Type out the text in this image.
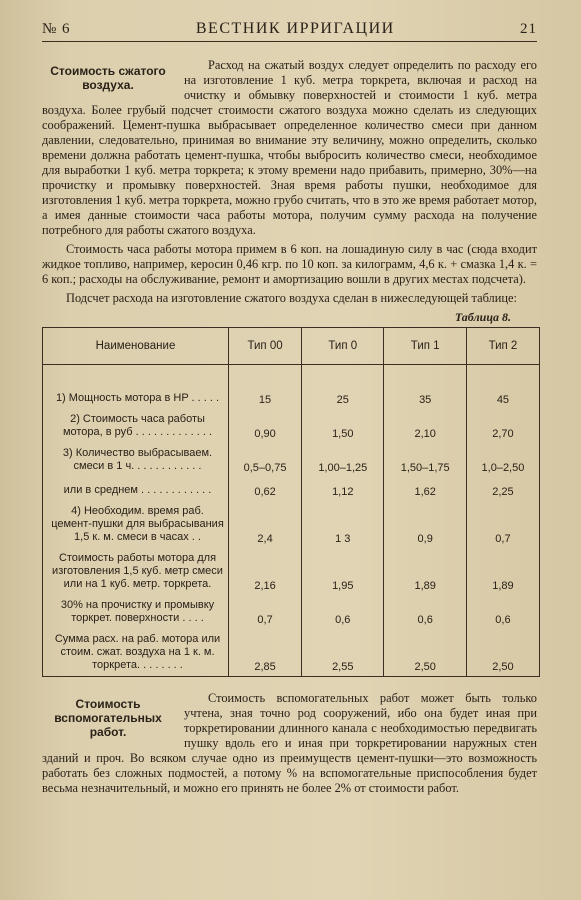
№ 6	ВЕСТНИК ИРРИГАЦИИ	21
Стоимость сжатого воздуха.

Расход на сжатый воздух следует определить по расходу его на изготовление 1 куб. метра торкрета, включая и расход на очистку и обмывку поверхностей и стоимости 1 куб. метра воздуха. Более грубый подсчет стоимости сжатого воздуха можно сделать из следующих соображений. Цемент-пушка выбрасывает определенное количество смеси при данном давлении, следовательно, принимая во внимание эту величину, можно определить, сколько времени должна работать цемент-пушка, чтобы выбросить количество смеси, необходимое для выработки 1 куб. метра торкрета; к этому времени надо прибавить, примерно, 30%—на прочистку и промывку поверхностей. Зная время работы пушки, необходимое для изготовления 1 куб. метра торкрета, можно грубо считать, что в это же время работает мотор, а имея данные стоимости часа работы мотора, получим сумму расхода на получение потребного для работы сжатого воздуха.

Стоимость часа работы мотора примем в 6 коп. на лошадиную силу в час (сюда входит жидкое топливо, например, керосин 0,46 кгр. по 10 коп. за килограмм, 4,6 к. + смазка 1,4 к. = 6 коп.; расходы на обслуживание, ремонт и амортизацию вошли в других местах подсчета).

Подсчет расхода на изготовление сжатого воздуха сделан в нижеследующей таблице:

Таблица 8.
Наименование	Тип 00	Тип 0	Тип 1	Тип 2
1) Мощность мотора в HP . . . . .	15	25	35	45
2) Стоимость часа работы мотора, в руб . . . . . . . . . . . . .	0,90	1,50	2,10	2,70
3) Количество выбрасываем. смеси в 1 ч. . . . . . . . . . . .	0,5–0,75	1,00–1,25	1,50–1,75	1,0–2,50
или в среднем . . . . . . . . . . . .	0,62	1,12	1,62	2,25
4) Необходим. время раб. цемент-пушки для выбрасывания 1,5 к. м. смеси в часах . .	2,4	1 3	0,9	0,7
Стоимость работы мотора для изготовления 1,5 куб. метр смеси или на 1 куб. метр. торкрета.	2,16	1,95	1,89	1,89
30% на прочистку и промывку торкрет. поверхности . . . .	0,7	0,6	0,6	0,6
Сумма расх. на раб. мотора или стоим. сжат. воздуха на 1 к. м. торкрета. . . . . . . .	2,85	2,55	2,50	2,50
Стоимость вспомогательных работ.

Стоимость вспомогательных работ может быть только учтена, зная точно род сооружений, ибо она будет иная при торкретировании длинного канала с необходимостью передвигать пушку вдоль его и иная при торкретировании наружных стен зданий и проч. Во всяком случае одно из преимуществ цемент-пушки—это возможность работать без сложных подмостей, а потому % на вспомогательные приспособления будет весьма незначительный, и можно его принять не более 2% от стоимости работ.
